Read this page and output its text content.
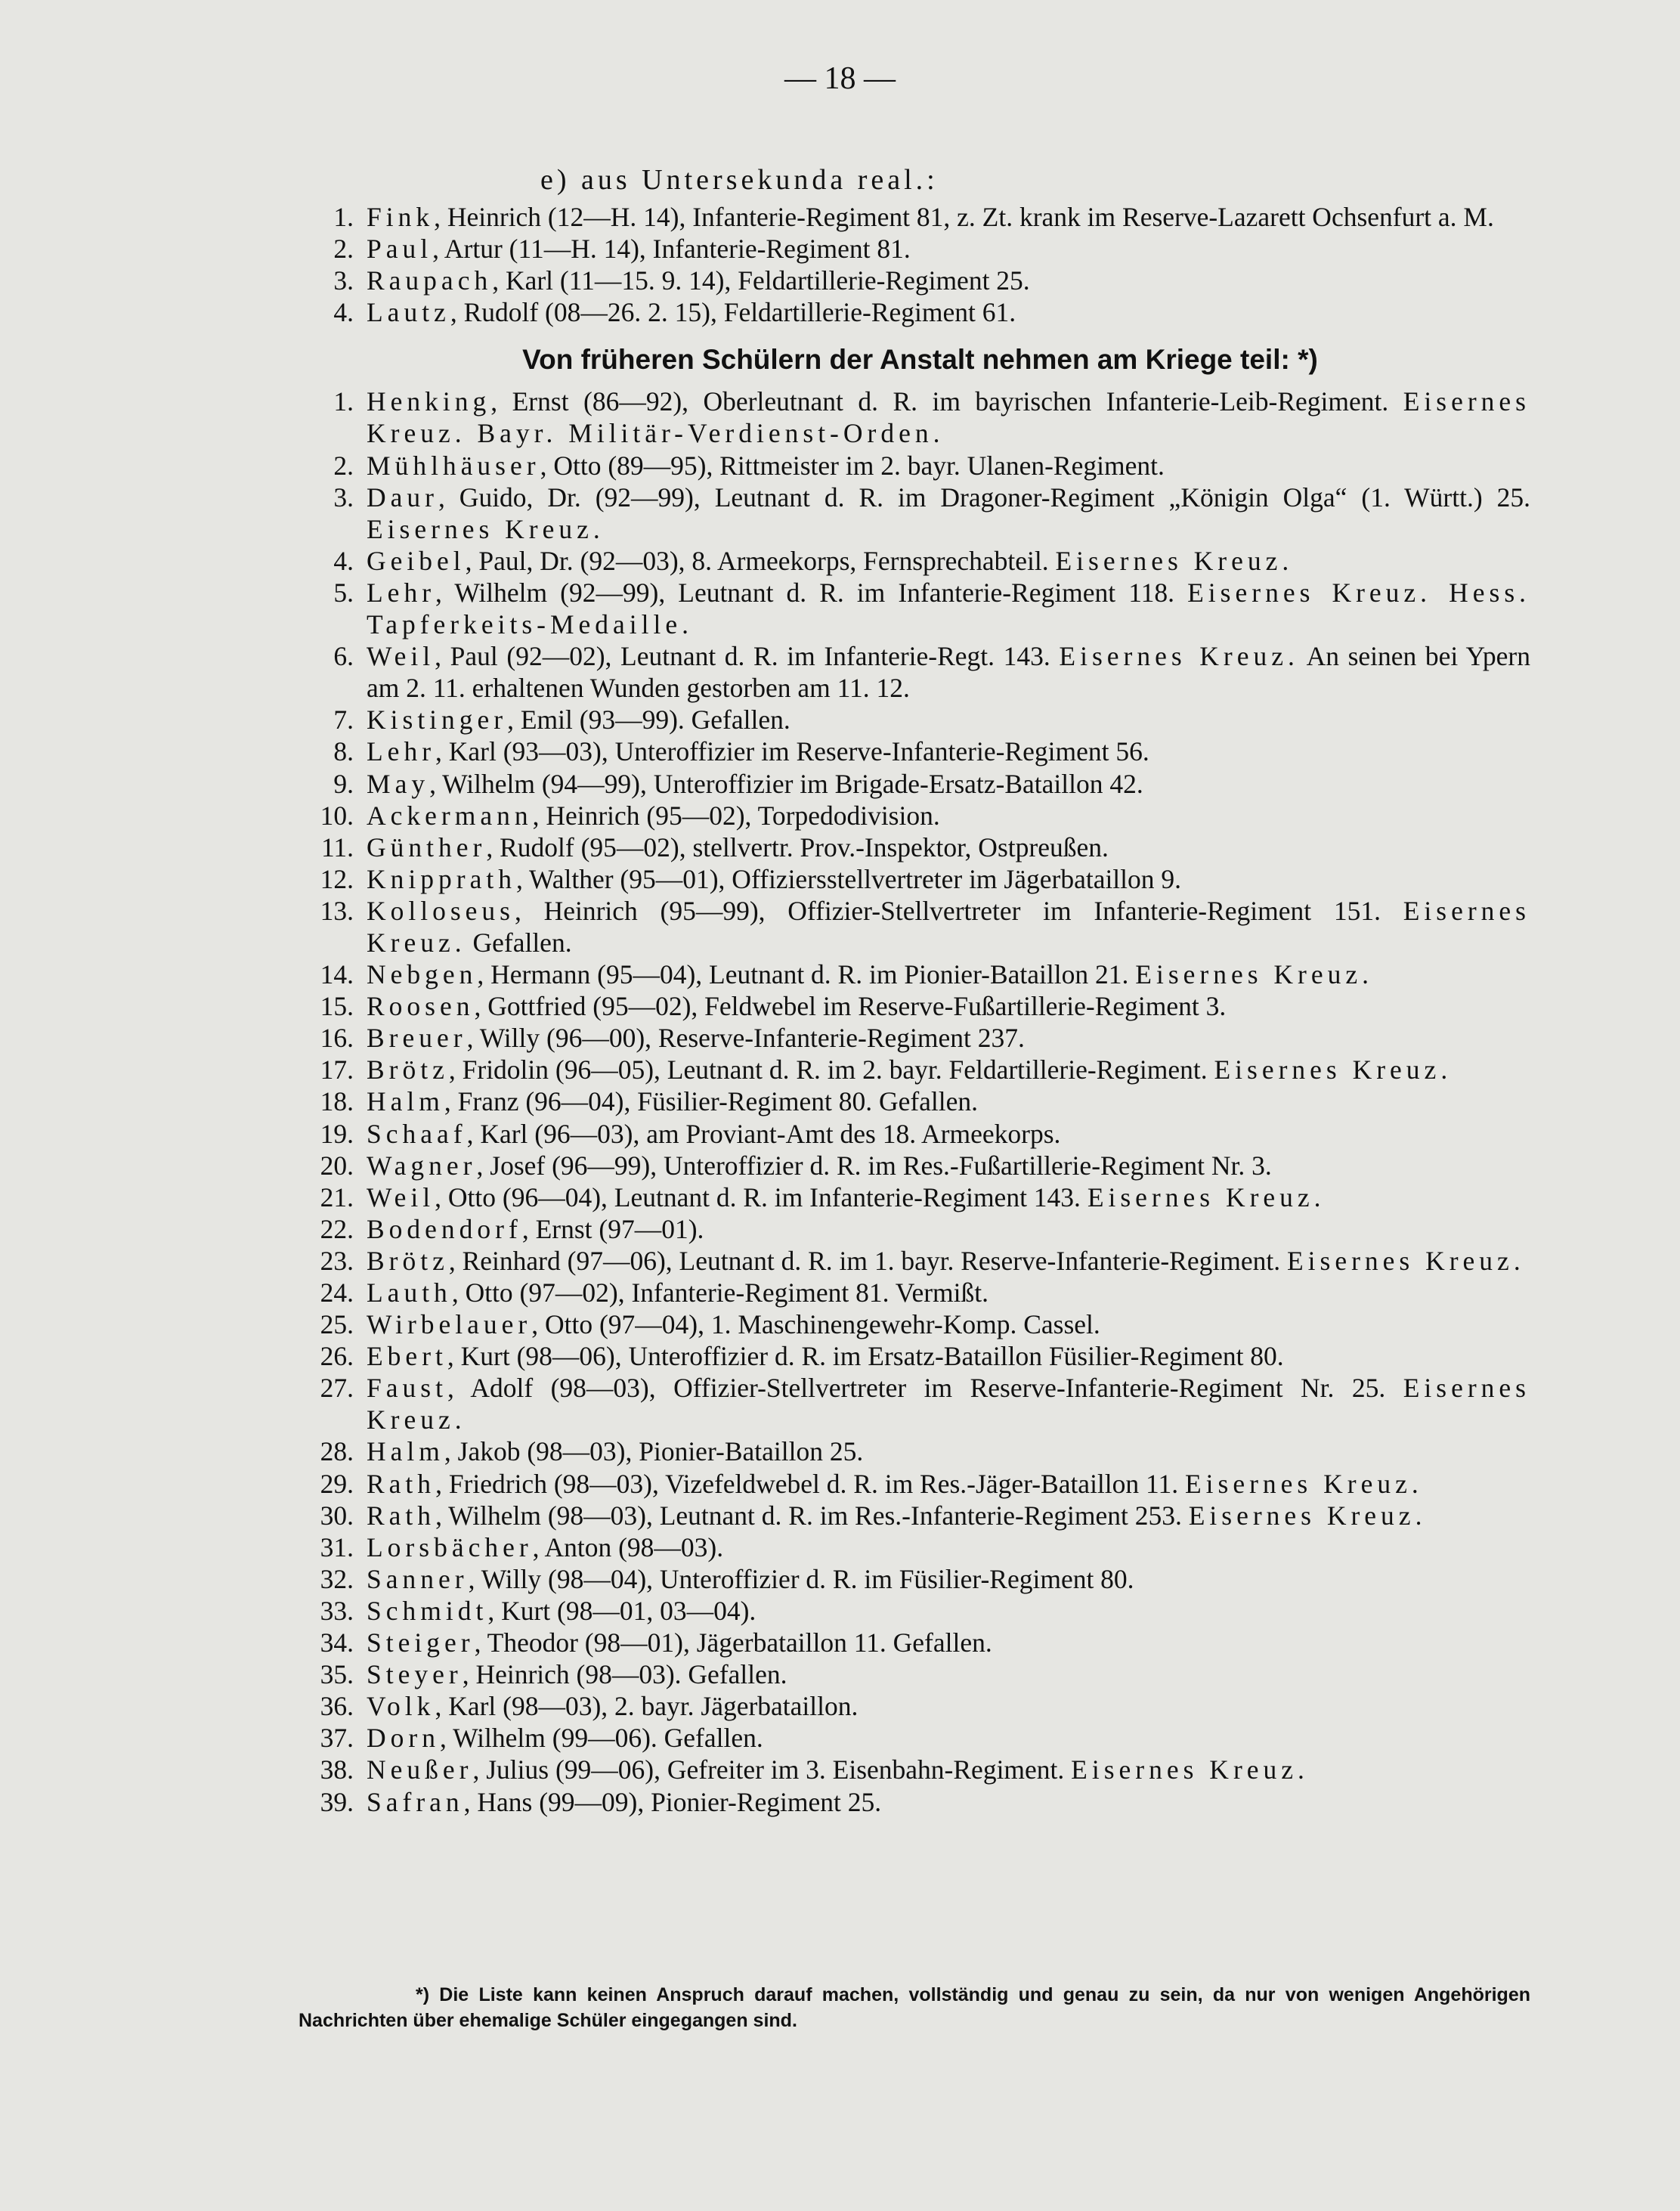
— 18 —
e) aus Untersekunda real.:
1. Fink, Heinrich (12—H. 14), Infanterie-Regiment 81, z. Zt. krank im Reserve-Lazarett Ochsenfurt a. M.
2. Paul, Artur (11—H. 14), Infanterie-Regiment 81.
3. Raupach, Karl (11—15. 9. 14), Feldartillerie-Regiment 25.
4. Lautz, Rudolf (08—26. 2. 15), Feldartillerie-Regiment 61.
Von früheren Schülern der Anstalt nehmen am Kriege teil: *)
1. Henking, Ernst (86—92), Oberleutnant d. R. im bayrischen Infanterie-Leib-Regiment. Eisernes Kreuz. Bayr. Militär-Verdienst-Orden.
2. Mühlhäuser, Otto (89—95), Rittmeister im 2. bayr. Ulanen-Regiment.
3. Daur, Guido, Dr. (92—99), Leutnant d. R. im Dragoner-Regiment „Königin Olga“ (1. Württ.) 25. Eisernes Kreuz.
4. Geibel, Paul, Dr. (92—03), 8. Armeekorps, Fernsprechabteil. Eisernes Kreuz.
5. Lehr, Wilhelm (92—99), Leutnant d. R. im Infanterie-Regiment 118. Eisernes Kreuz. Hess. Tapferkeits-Medaille.
6. Weil, Paul (92—02), Leutnant d. R. im Infanterie-Regt. 143. Eisernes Kreuz. An seinen bei Ypern am 2. 11. erhaltenen Wunden gestorben am 11. 12.
7. Kistinger, Emil (93—99). Gefallen.
8. Lehr, Karl (93—03), Unteroffizier im Reserve-Infanterie-Regiment 56.
9. May, Wilhelm (94—99), Unteroffizier im Brigade-Ersatz-Bataillon 42.
10. Ackermann, Heinrich (95—02), Torpedodivision.
11. Günther, Rudolf (95—02), stellvertr. Prov.-Inspektor, Ostpreußen.
12. Knipprath, Walther (95—01), Offiziersstellvertreter im Jägerbataillon 9.
13. Kolloseus, Heinrich (95—99), Offizier-Stellvertreter im Infanterie-Regiment 151. Eisernes Kreuz. Gefallen.
14. Nebgen, Hermann (95—04), Leutnant d. R. im Pionier-Bataillon 21. Eisernes Kreuz.
15. Roosen, Gottfried (95—02), Feldwebel im Reserve-Fußartillerie-Regiment 3.
16. Breuer, Willy (96—00), Reserve-Infanterie-Regiment 237.
17. Brötz, Fridolin (96—05), Leutnant d. R. im 2. bayr. Feldartillerie-Regiment. Eisernes Kreuz.
18. Halm, Franz (96—04), Füsilier-Regiment 80. Gefallen.
19. Schaaf, Karl (96—03), am Proviant-Amt des 18. Armeekorps.
20. Wagner, Josef (96—99), Unteroffizier d. R. im Res.-Fußartillerie-Regiment Nr. 3.
21. Weil, Otto (96—04), Leutnant d. R. im Infanterie-Regiment 143. Eisernes Kreuz.
22. Bodendorf, Ernst (97—01).
23. Brötz, Reinhard (97—06), Leutnant d. R. im 1. bayr. Reserve-Infanterie-Regiment. Eisernes Kreuz.
24. Lauth, Otto (97—02), Infanterie-Regiment 81. Vermißt.
25. Wirbelauer, Otto (97—04), 1. Maschinengewehr-Komp. Cassel.
26. Ebert, Kurt (98—06), Unteroffizier d. R. im Ersatz-Bataillon Füsilier-Regiment 80.
27. Faust, Adolf (98—03), Offizier-Stellvertreter im Reserve-Infanterie-Regiment Nr. 25. Eisernes Kreuz.
28. Halm, Jakob (98—03), Pionier-Bataillon 25.
29. Rath, Friedrich (98—03), Vizefeldwebel d. R. im Res.-Jäger-Bataillon 11. Eisernes Kreuz.
30. Rath, Wilhelm (98—03), Leutnant d. R. im Res.-Infanterie-Regiment 253. Eisernes Kreuz.
31. Lorsbächer, Anton (98—03).
32. Sanner, Willy (98—04), Unteroffizier d. R. im Füsilier-Regiment 80.
33. Schmidt, Kurt (98—01, 03—04).
34. Steiger, Theodor (98—01), Jägerbataillon 11. Gefallen.
35. Steyer, Heinrich (98—03). Gefallen.
36. Volk, Karl (98—03), 2. bayr. Jägerbataillon.
37. Dorn, Wilhelm (99—06). Gefallen.
38. Neußer, Julius (99—06), Gefreiter im 3. Eisenbahn-Regiment. Eisernes Kreuz.
39. Safran, Hans (99—09), Pionier-Regiment 25.
*) Die Liste kann keinen Anspruch darauf machen, vollständig und genau zu sein, da nur von wenigen Angehörigen Nachrichten über ehemalige Schüler eingegangen sind.
